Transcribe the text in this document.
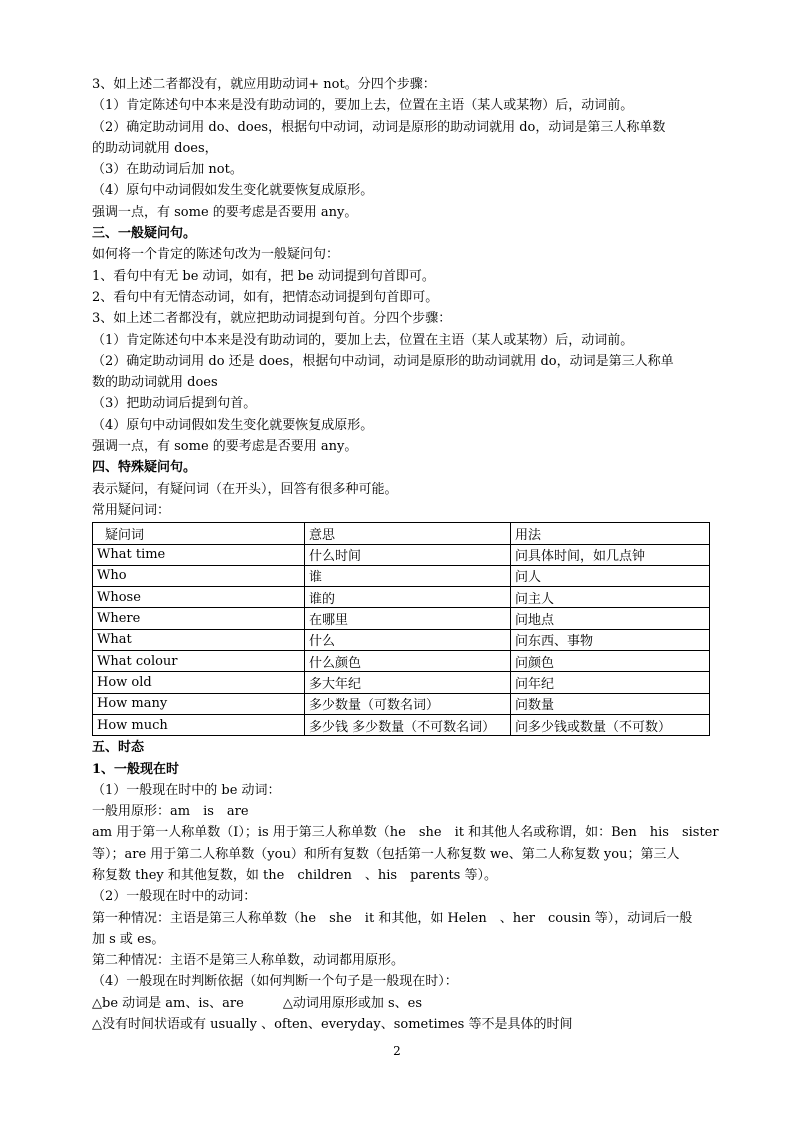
3、如上述二者都没有，就应用助动词+ not。分四个步骤：
（1）肯定陈述句中本来是没有助动词的，要加上去，位置在主语（某人或某物）后，动词前。
（2）确定助动词用 do、does，根据句中动词，动词是原形的助动词就用 do，动词是第三人称单数
的助动词就用 does，
（3）在助动词后加 not。
（4）原句中动词假如发生变化就要恢复成原形。
强调一点，有 some 的要考虑是否要用 any。
三、一般疑问句。
如何将一个肯定的陈述句改为一般疑问句：
1、看句中有无 be 动词，如有，把 be 动词提到句首即可。
2、看句中有无情态动词，如有，把情态动词提到句首即可。
3、如上述二者都没有，就应把助动词提到句首。分四个步骤：
（1）肯定陈述句中本来是没有助动词的，要加上去，位置在主语（某人或某物）后，动词前。
（2）确定助动词用 do 还是 does，根据句中动词，动词是原形的助动词就用 do，动词是第三人称单
数的助动词就用 does
（3）把助动词后提到句首。
（4）原句中动词假如发生变化就要恢复成原形。
强调一点，有 some 的要考虑是否要用 any。
四、特殊疑问句。
表示疑问，有疑问词（在开头），回答有很多种可能。
常用疑问词：
疑问词	意思	用法
What time	什么时间	问具体时间，如几点钟
Who	谁	问人
Whose	谁的	问主人
Where	在哪里	问地点
What	什么	问东西、事物
What colour	什么颜色	问颜色
How old	多大年纪	问年纪
How many	多少数量（可数名词）	问数量
How much	多少钱 多少数量（不可数名词）	问多少钱或数量（不可数）
五、时态
1、一般现在时
（1）一般现在时中的 be 动词：
一般用原形：am　is　are
am 用于第一人称单数（I）；is 用于第三人称单数（he　she　it 和其他人名或称谓，如：Ben　his　sister
等）；are 用于第二人称单数（you）和所有复数（包括第一人称复数 we、第二人称复数 you；第三人
称复数 they 和其他复数，如 the　children　、his　parents 等）。
（2）一般现在时中的动词：
第一种情况：主语是第三人称单数（he　she　it 和其他，如 Helen　、her　cousin 等），动词后一般
加 s 或 es。
第二种情况：主语不是第三人称单数，动词都用原形。
（4）一般现在时判断依据（如何判断一个句子是一般现在时）：
△be 动词是 am、is、are　　　△动词用原形或加 s、es
△没有时间状语或有 usually 、often、everyday、sometimes 等不是具体的时间
2
